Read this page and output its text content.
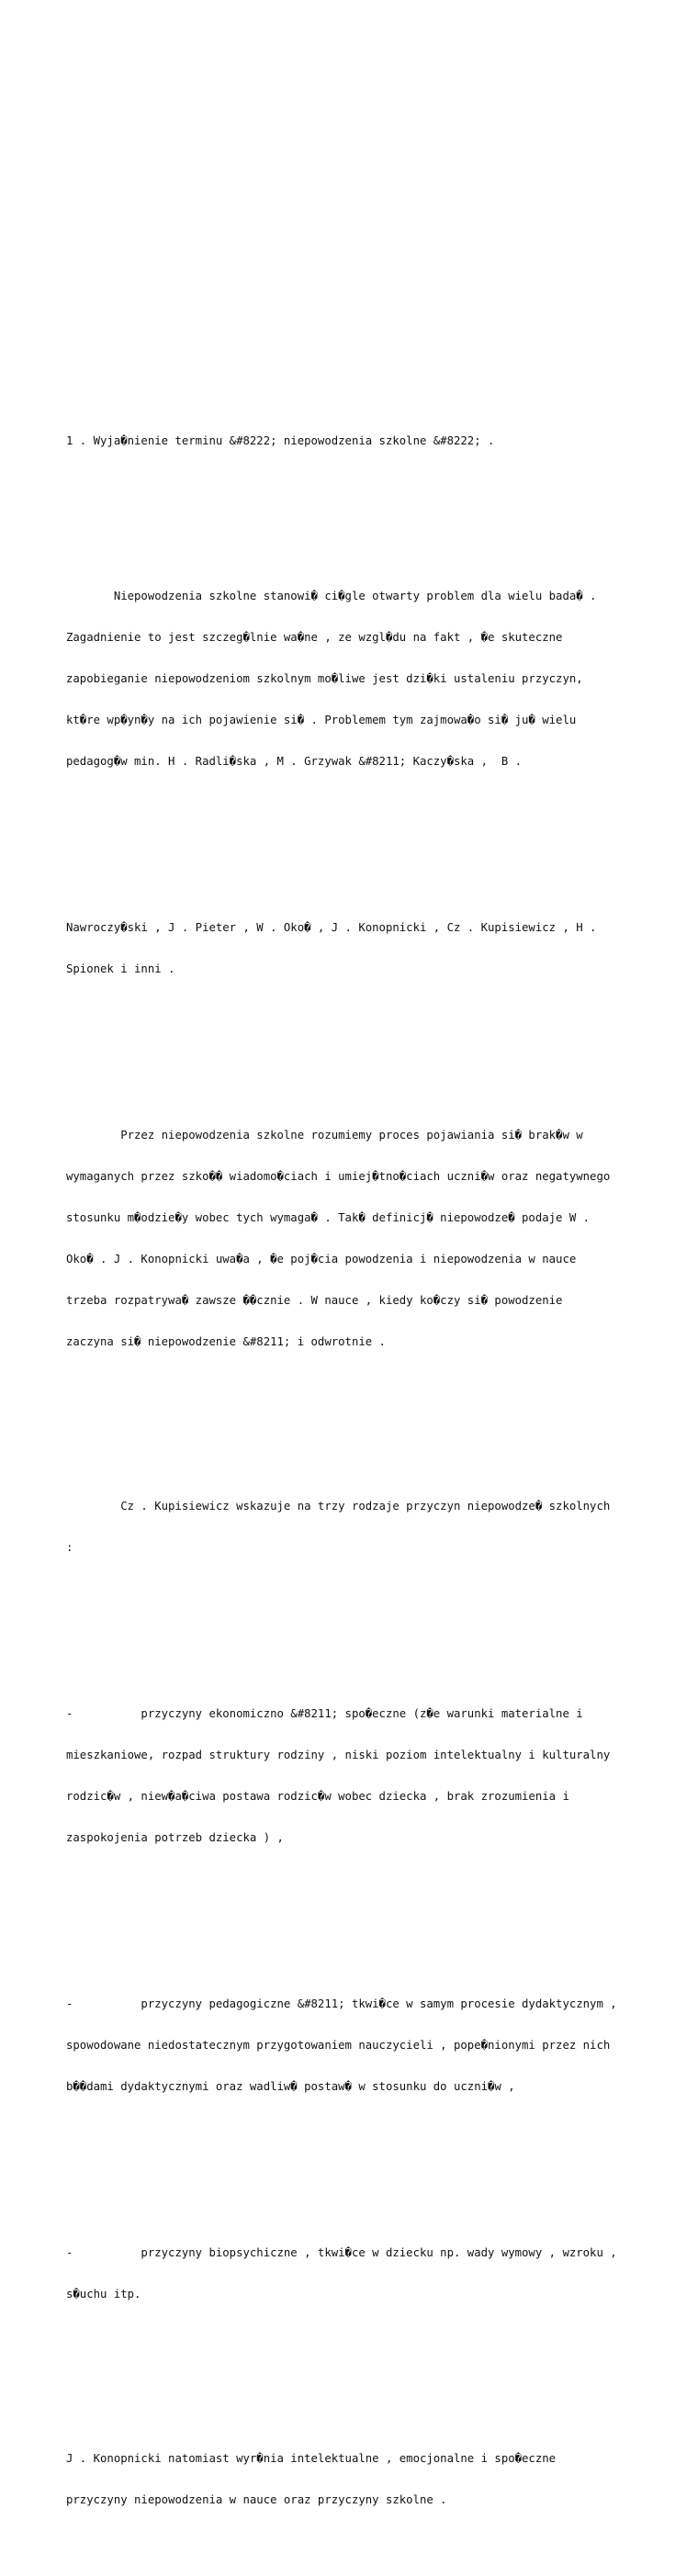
1 . Wyja�nienie terminu &#8222; niepowodzenia szkolne &#8222; .

Niepowodzenia szkolne stanowi� ci�gle otwarty problem dla wielu bada� .

Zagadnienie to jest szczeg�lnie wa�ne , ze wzgl�du na fakt , �e skuteczne

zapobieganie niepowodzeniom szkolnym mo�liwe jest dzi�ki ustaleniu przyczyn,

kt�re wp�yn�y na ich pojawienie si� . Problemem tym zajmowa�o si� ju� wielu

pedagog�w min. H . Radli�ska , M . Grzywak &#8211; Kaczy�ska ,  B .

Nawroczy�ski , J . Pieter , W . Oko� , J . Konopnicki , Cz . Kupisiewicz , H .

Spionek i inni .

Przez niepowodzenia szkolne rozumiemy proces pojawiania si� brak�w w

wymaganych przez szko�� wiadomo�ciach i umiej�tno�ciach uczni�w oraz negatywnego

stosunku m�odzie�y wobec tych wymaga� . Tak� definicj� niepowodze� podaje W .

Oko� . J . Konopnicki uwa�a , �e poj�cia powodzenia i niepowodzenia w nauce

trzeba rozpatrywa� zawsze ��cznie . W nauce , kiedy ko�czy si� powodzenie

zaczyna si� niepowodzenie &#8211; i odwrotnie .

Cz . Kupisiewicz wskazuje na trzy rodzaje przyczyn niepowodze� szkolnych

:

-          przyczyny ekonomiczno &#8211; spo�eczne (z�e warunki materialne i

mieszkaniowe, rozpad struktury rodziny , niski poziom intelektualny i kulturalny

rodzic�w , niew�a�ciwa postawa rodzic�w wobec dziecka , brak zrozumienia i

zaspokojenia potrzeb dziecka ) ,

-          przyczyny pedagogiczne &#8211; tkwi�ce w samym procesie dydaktycznym ,

spowodowane niedostatecznym przygotowaniem nauczycieli , pope�nionymi przez nich

b��dami dydaktycznymi oraz wadliw� postaw� w stosunku do uczni�w ,

-          przyczyny biopsychiczne , tkwi�ce w dziecku np. wady wymowy , wzroku ,

s�uchu itp.

J . Konopnicki natomiast wyr�nia intelektualne , emocjonalne i spo�eczne

przyczyny niepowodzenia w nauce oraz przyczyny szkolne .
